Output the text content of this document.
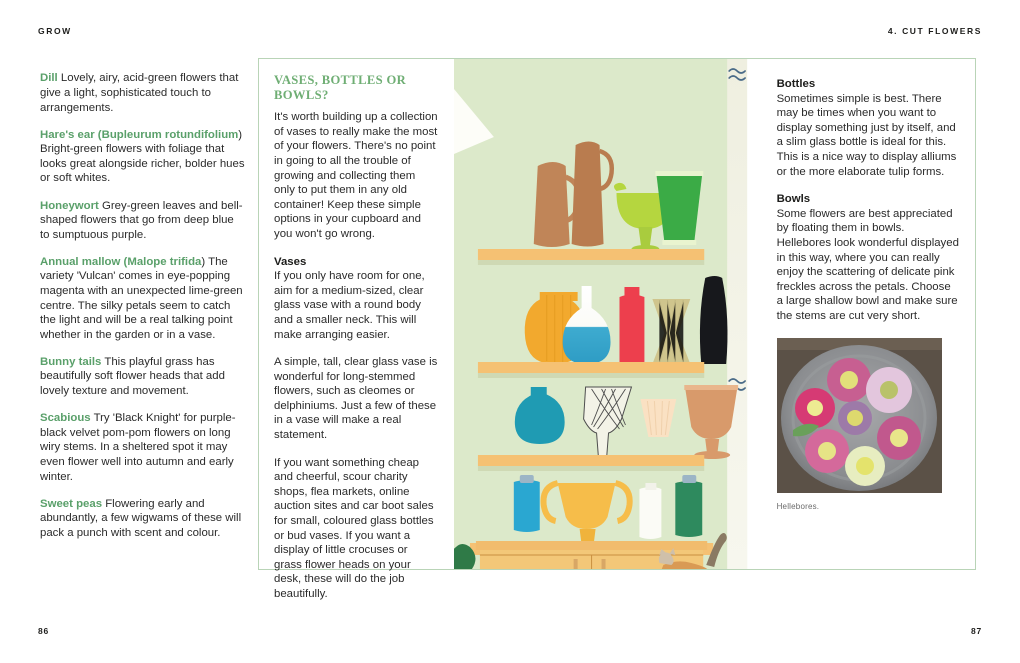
GROW	4. CUT FLOWERS
86	87

Dill Lovely, airy, acid-green flowers that give a light, sophisticated touch to arrangements.

Hare's ear (Bupleurum rotundifolium) Bright-green flowers with foliage that looks great alongside richer, bolder hues or soft whites.

Honeywort Grey-green leaves and bell-shaped flowers that go from deep blue to sumptuous purple.

Annual mallow (Malope trifida) The variety 'Vulcan' comes in eye-popping magenta with an unexpected lime-green centre. The silky petals seem to catch the light and will be a real talking point whether in the garden or in a vase.

Bunny tails This playful grass has beautifully soft flower heads that add lovely texture and movement.

Scabious Try 'Black Knight' for purple-black velvet pom-pom flowers on long wiry stems. In a sheltered spot it may even flower well into autumn and early winter.

Sweet peas Flowering early and abundantly, a few wigwams of these will pack a punch with scent and colour.

VASES, BOTTLES OR BOWLS?

It's worth building up a collection of vases to really make the most of your flowers. There's no point in going to all the trouble of growing and collecting them only to put them in any old container! Keep these simple options in your cupboard and you won't go wrong.

Vases

If you only have room for one, aim for a medium-sized, clear glass vase with a round body and a smaller neck. This will make arranging easier.

A simple, tall, clear glass vase is wonderful for long-stemmed flowers, such as cleomes or delphiniums. Just a few of these in a vase will make a real statement.

If you want something cheap and cheerful, scour charity shops, flea markets, online auction sites and car boot sales for small, coloured glass bottles or bud vases. If you want a display of little crocuses or grass flower heads on your desk, these will do the job beautifully.

Bottles

Sometimes simple is best. There may be times when you want to display something just by itself, and a slim glass bottle is ideal for this. This is a nice way to display alliums or the more elaborate tulip forms.

Bowls

Some flowers are best appreciated by floating them in bowls. Hellebores look wonderful displayed in this way, where you can really enjoy the scattering of delicate pink freckles across the petals. Choose a large shallow bowl and make sure the stems are cut very short.

Hellebores.
